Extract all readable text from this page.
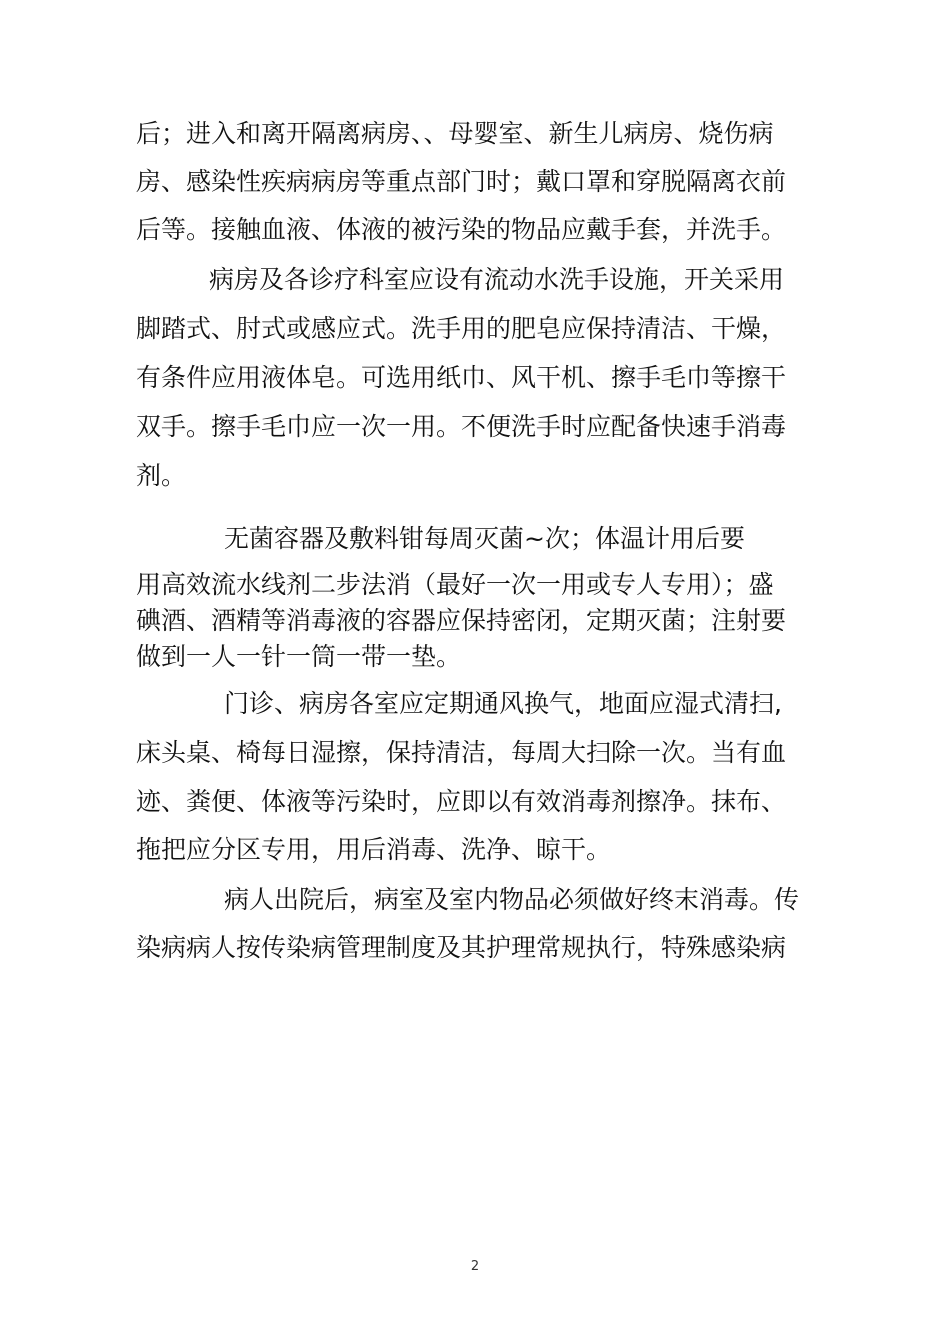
后；进入和离开隔离病房、、母婴室、新生儿病房、烧伤病
房、感染性疾病病房等重点部门时；戴口罩和穿脱隔离衣前
后等。接触血液、体液的被污染的物品应戴手套，并洗手。
病房及各诊疗科室应设有流动水洗手设施，开关采用
脚踏式、肘式或感应式。洗手用的肥皂应保持清洁、干燥，
有条件应用液体皂。可选用纸巾、风干机、擦手毛巾等擦干
双手。擦手毛巾应一次一用。不便洗手时应配备快速手消毒
剂。
无菌容器及敷料钳每周灭菌~次；体温计用后要
用高效流水线剂二步法消（最好一次一用或专人专用）；盛
碘酒、酒精等消毒液的容器应保持密闭，定期灭菌；注射要
做到一人一针一筒一带一垫。
门诊、病房各室应定期通风换气，地面应湿式清扫,
床头桌、椅每日湿擦，保持清洁，每周大扫除一次。当有血
迹、粪便、体液等污染时，应即以有效消毒剂擦净。抹布、
拖把应分区专用，用后消毒、洗净、晾干。
病人出院后，病室及室内物品必须做好终末消毒。传
染病病人按传染病管理制度及其护理常规执行，特殊感染病
2
